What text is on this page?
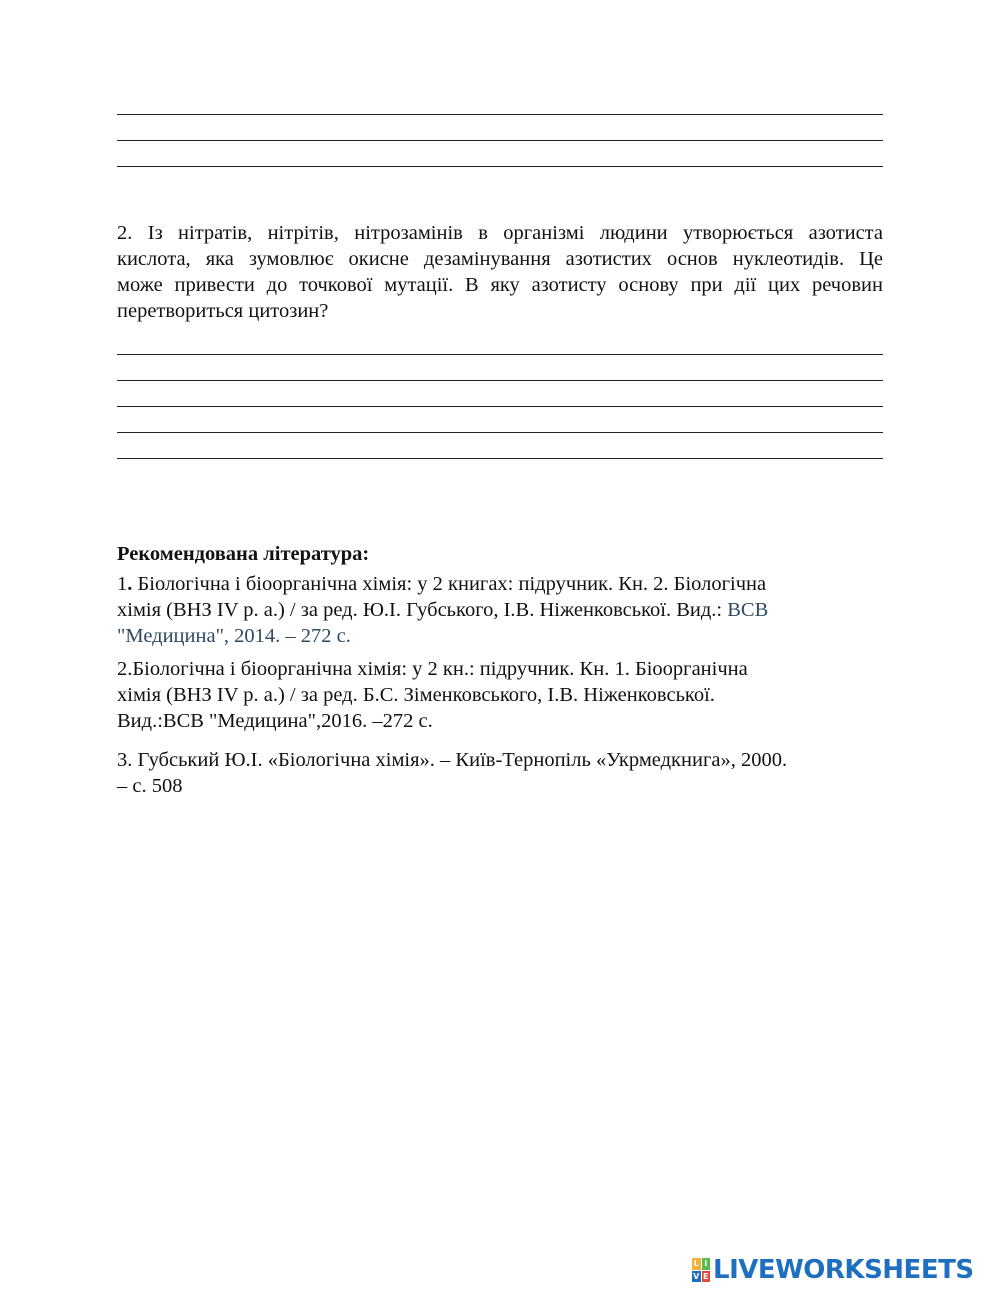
2. Із нітратів, нітрітів, нітрозамінів в організмі людини утворюється азотиста
кислота, яка зумовлює окисне дезамінування азотистих основ нуклеотидів. Це
може привести до точкової мутації. В яку азотисту основу при дії цих речовин
перетвориться цитозин?
Рекомендована література:
1. Біологічна і біоорганічна хімія: у 2 книгах: підручник. Кн. 2. Біологічна
хімія (ВНЗ IV р. а.) / за ред. Ю.І. Губського, І.В. Ніженковської. Вид.: ВСВ
"Медицина", 2014. – 272 с.
2.Біологічна і біоорганічна хімія: у 2 кн.: підручник. Кн. 1. Біоорганічна
хімія (ВНЗ IV р. а.) / за ред. Б.С. Зіменковського, І.В. Ніженковської.
Вид.:ВСВ "Медицина",2016. –272 с.
3. Губський Ю.І. «Біологічна хімія». – Київ-Тернопіль «Укрмедкнига», 2000.
– с. 508
L I
V E LIVEWORKSHEETS
